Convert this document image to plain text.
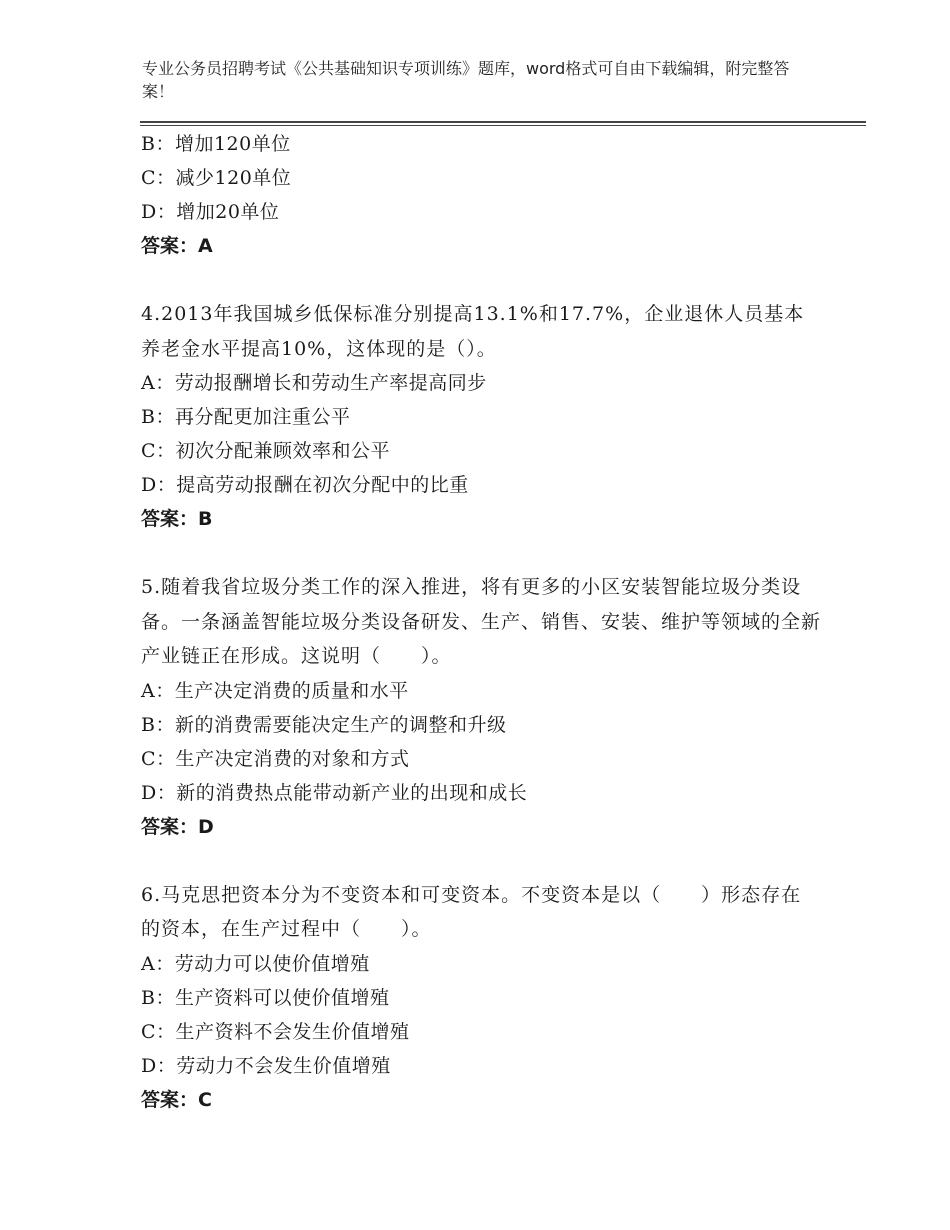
专业公务员招聘考试《公共基础知识专项训练》题库，word格式可自由下载编辑，附完整答案！

B：增加120单位

C：减少120单位

D：增加20单位

答案：A

4.2013年我国城乡低保标准分别提高13.1%和17.7%，企业退休人员基本养老金水平提高10%，这体现的是（）。

A：劳动报酬增长和劳动生产率提高同步

B：再分配更加注重公平

C：初次分配兼顾效率和公平

D：提高劳动报酬在初次分配中的比重

答案：B

5.随着我省垃圾分类工作的深入推进，将有更多的小区安装智能垃圾分类设备。一条涵盖智能垃圾分类设备研发、生产、销售、安装、维护等领域的全新产业链正在形成。这说明（　　）。

A：生产决定消费的质量和水平

B：新的消费需要能决定生产的调整和升级

C：生产决定消费的对象和方式

D：新的消费热点能带动新产业的出现和成长

答案：D

6.马克思把资本分为不变资本和可变资本。不变资本是以（　　）形态存在的资本，在生产过程中（　　）。

A：劳动力可以使价值增殖

B：生产资料可以使价值增殖

C：生产资料不会发生价值增殖

D：劳动力不会发生价值增殖

答案：C
